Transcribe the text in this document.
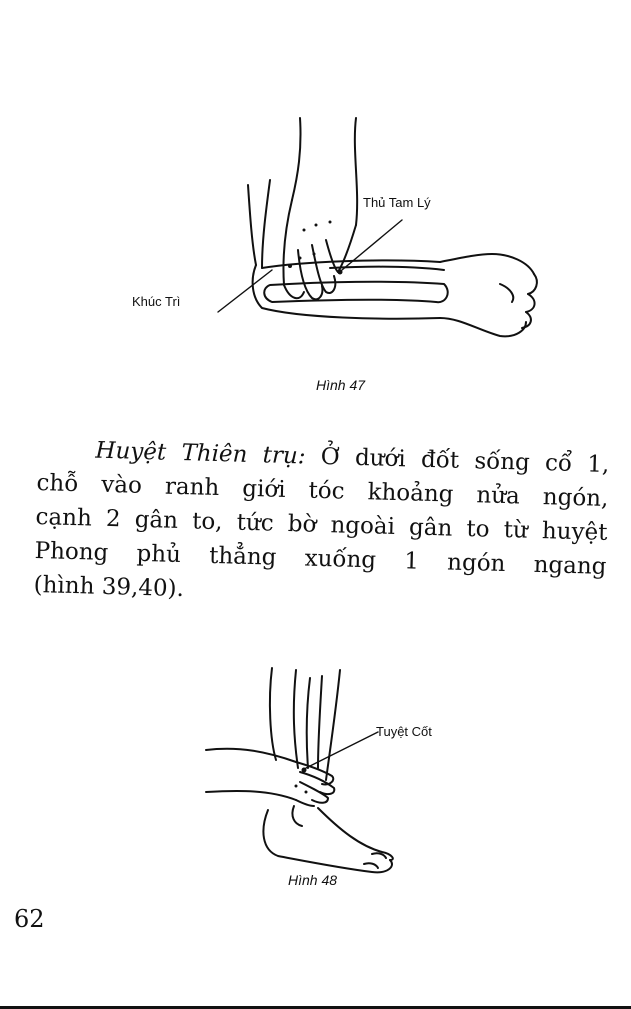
Thủ Tam Lý
Khúc Trì
Hình 47
Huyệt Thiên trụ: Ở dưới đốt sống cổ 1,
chỗ vào ranh giới tóc khoảng nửa ngón,
cạnh 2 gân to, tức bờ ngoài gân to từ huyệt
Phong phủ thẳng xuống 1 ngón ngang
(hình 39,40).
Tuyệt Cốt
Hình 48
62
